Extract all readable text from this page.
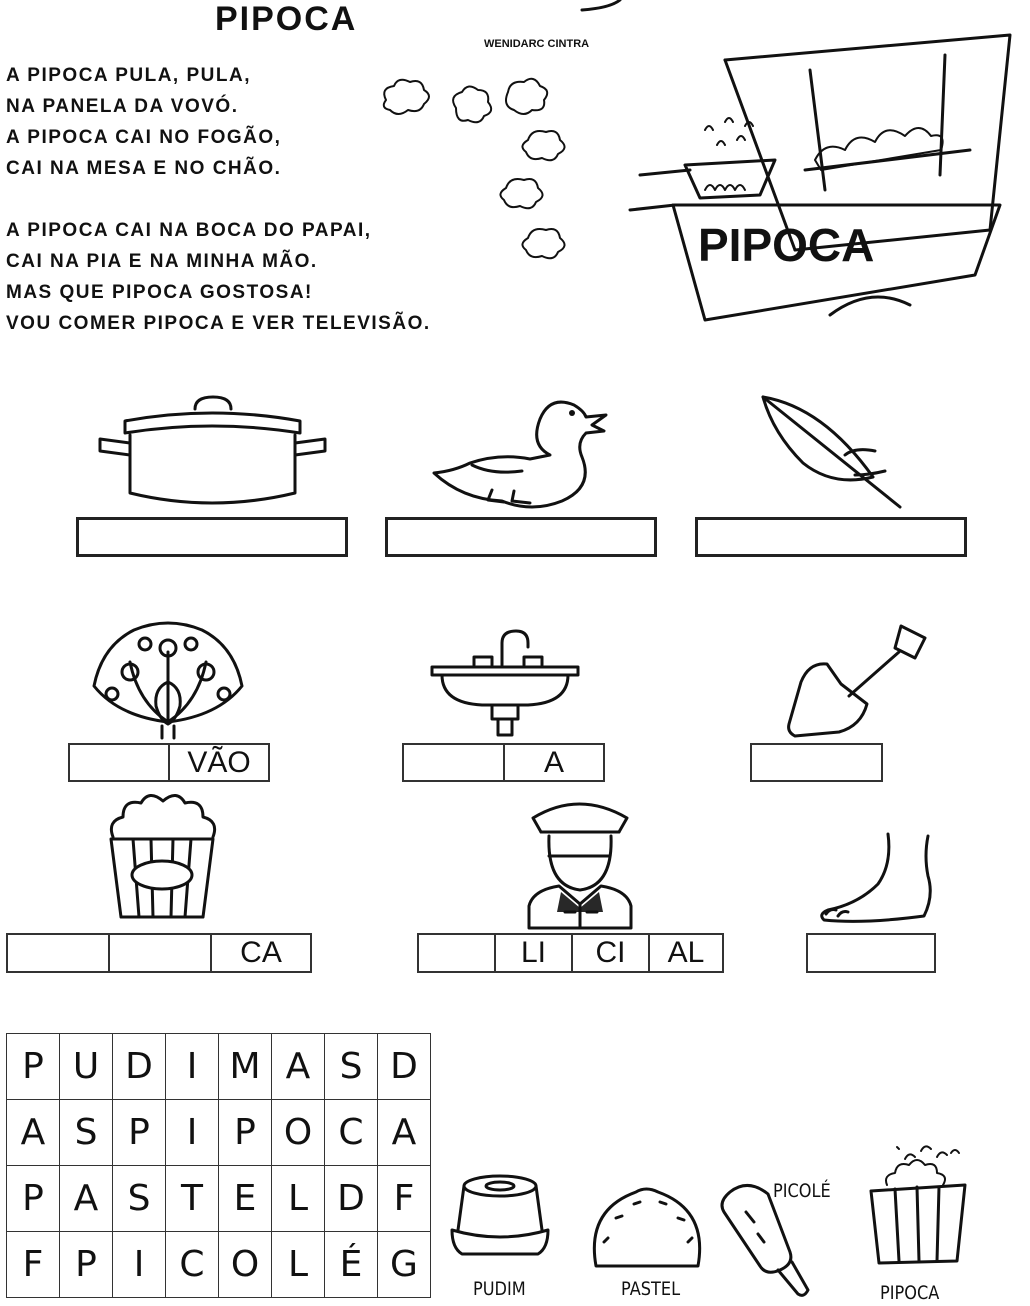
PIPOCA
WENIDARC CINTRA
A PIPOCA PULA, PULA,
NA PANELA DA VOVÓ.
A PIPOCA CAI NO FOGÃO,
CAI NA MESA E NO CHÃO.
A PIPOCA CAI NA BOCA DO PAPAI,
CAI NA PIA E NA MINHA MÃO.
MAS QUE PIPOCA GOSTOSA!
VOU COMER PIPOCA E VER TELEVISÃO.
PIPOCA
VÃO	A
CA	LI	CI	AL
P	U	D	I	M	A	S	D
A	S	P	I	P	O	C	A
P	A	S	T	E	L	D	F
F	P	I	C	O	L	É	G
PUDIM	PASTEL
PICOLÉ
PIPOCA
